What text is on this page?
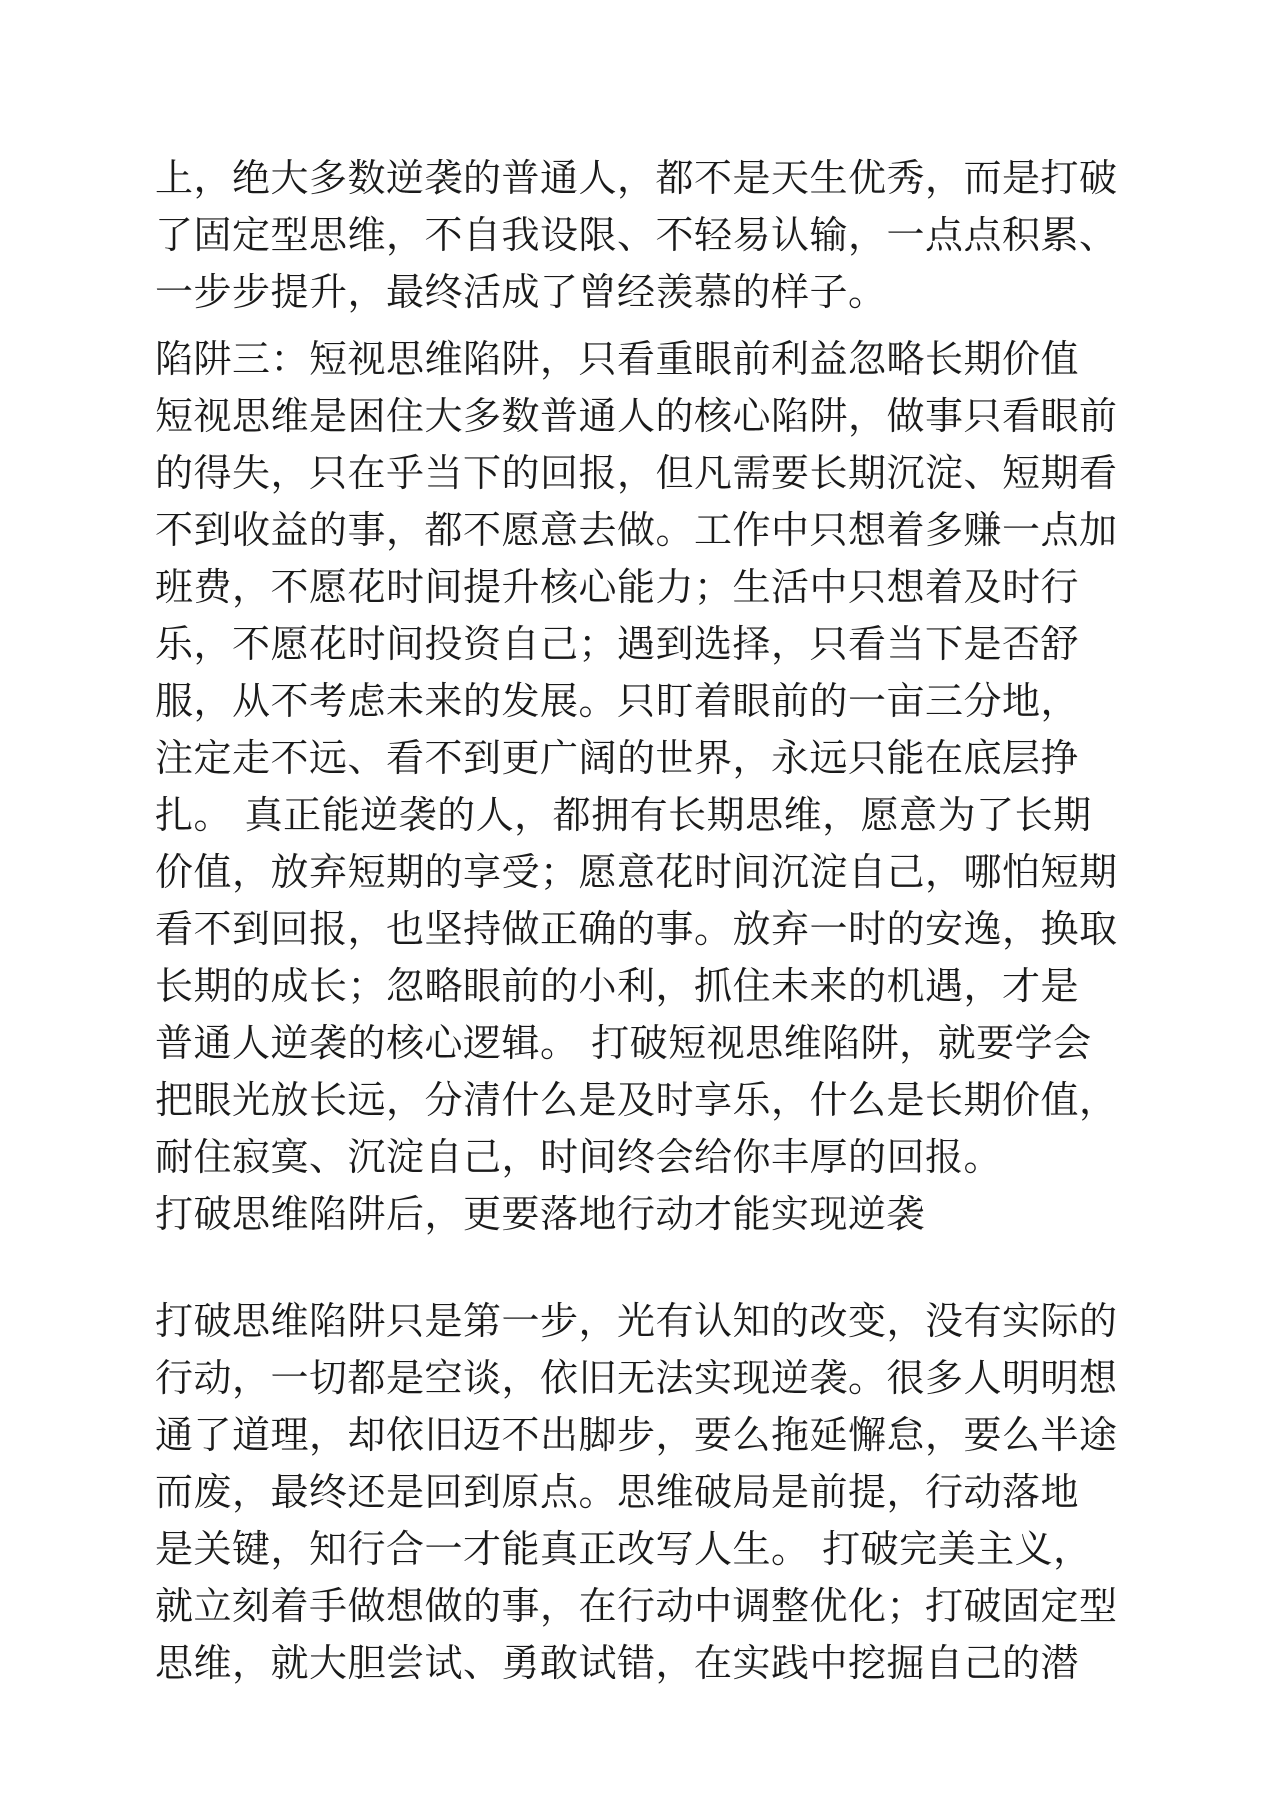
上，绝大多数逆袭的普通人，都不是天生优秀，而是打破
了固定型思维，不自我设限、不轻易认输，一点点积累、
一步步提升，最终活成了曾经羡慕的样子。
陷阱三：短视思维陷阱，只看重眼前利益忽略长期价值
短视思维是困住大多数普通人的核心陷阱，做事只看眼前
的得失，只在乎当下的回报，但凡需要长期沉淀、短期看
不到收益的事，都不愿意去做。工作中只想着多赚一点加
班费，不愿花时间提升核心能力；生活中只想着及时行
乐，不愿花时间投资自己；遇到选择，只看当下是否舒
服，从不考虑未来的发展。只盯着眼前的一亩三分地，
注定走不远、看不到更广阔的世界，永远只能在底层挣
扎。 真正能逆袭的人，都拥有长期思维，愿意为了长期
价值，放弃短期的享受；愿意花时间沉淀自己，哪怕短期
看不到回报，也坚持做正确的事。放弃一时的安逸，换取
长期的成长；忽略眼前的小利，抓住未来的机遇，才是
普通人逆袭的核心逻辑。 打破短视思维陷阱，就要学会
把眼光放长远，分清什么是及时享乐，什么是长期价值，
耐住寂寞、沉淀自己，时间终会给你丰厚的回报。
打破思维陷阱后，更要落地行动才能实现逆袭
打破思维陷阱只是第一步，光有认知的改变，没有实际的
行动，一切都是空谈，依旧无法实现逆袭。很多人明明想
通了道理，却依旧迈不出脚步，要么拖延懈怠，要么半途
而废，最终还是回到原点。思维破局是前提，行动落地
是关键，知行合一才能真正改写人生。 打破完美主义，
就立刻着手做想做的事，在行动中调整优化；打破固定型
思维，就大胆尝试、勇敢试错，在实践中挖掘自己的潜
